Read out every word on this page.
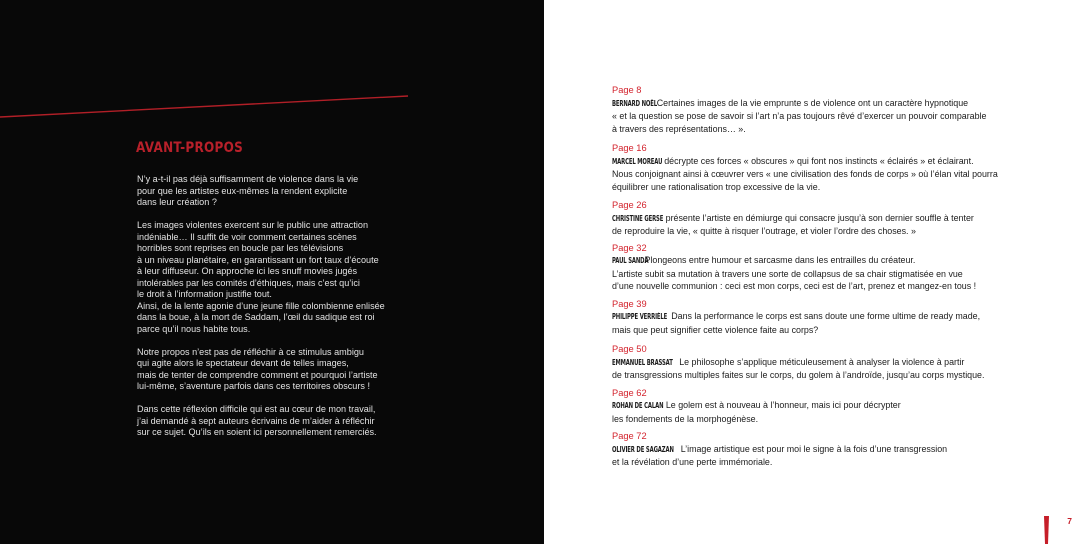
AVANT-PROPOS

N’y a-t-il pas déjà suffisamment de violence dans la vie
pour que les artistes eux-mêmes la rendent explicite
dans leur création ?

Les images violentes exercent sur le public une attraction
indéniable… Il suffit de voir comment certaines scènes
horribles sont reprises en boucle par les télévisions
à un niveau planétaire, en garantissant un fort taux d’écoute
à leur diffuseur. On approche ici les snuff movies jugés
intolérables par les comités d’éthiques, mais c’est qu’ici
le droit à l’information justifie tout.
Ainsi, de la lente agonie d’une jeune fille colombienne enlisée
dans la boue, à la mort de Saddam, l’œil du sadique est roi
parce qu’il nous habite tous.

Notre propos n’est pas de réfléchir à ce stimulus ambigu
qui agite alors le spectateur devant de telles images,
mais de tenter de comprendre comment et pourquoi l’artiste
lui-même, s’aventure parfois dans ces territoires obscurs !

Dans cette réflexion difficile qui est au cœur de mon travail,
j’ai demandé à sept auteurs écrivains de m’aider à réfléchir
sur ce sujet. Qu’ils en soient ici personnellement remerciés.

Page 8
BERNARD NOËL Certaines images de la vie emprunte s de violence ont un caractère hypnotique
« et la question se pose de savoir si l’art n’a pas toujours rêvé d’exercer un pouvoir comparable
à travers des représentations… ».
Page 16
MARCEL MOREAU décrypte ces forces « obscures » qui font nos instincts « éclairés » et éclairant.
Nous conjoignant ainsi à cœuvrer vers « une civilisation des fonds de corps » où l’élan vital pourra
équilibrer une rationalisation trop excessive de la vie.
Page 26
CHRISTINE GERSE présente l’artiste en démiurge qui consacre jusqu’à son dernier souffle à tenter
de reproduire la vie, « quitte à risquer l’outrage, et violer l’ordre des choses. »
Page 32
PAUL SANDA Plongeons entre humour et sarcasme dans les entrailles du créateur.
L’artiste subit sa mutation à travers une sorte de collapsus de sa chair stigmatisée en vue
d’une nouvelle communion : ceci est mon corps, ceci est de l’art, prenez et mangez-en tous !
Page 39
PHILIPPE VERRIÈLE Dans la performance le corps est sans doute une forme ultime de ready made,
mais que peut signifier cette violence faite au corps?
Page 50
EMMANUEL BRASSAT Le philosophe s’applique méticuleusement à analyser la violence à partir
de transgressions multiples faites sur le corps, du golem à l’androïde, jusqu’au corps mystique.
Page 62
ROHAN DE CALAN Le golem est à nouveau à l’honneur, mais ici pour décrypter
les fondements de la morphogénèse.
Page 72
OLIVIER DE SAGAZAN L’image artistique est pour moi le signe à la fois d’une transgression
et la révélation d’une perte immémoriale.
7
